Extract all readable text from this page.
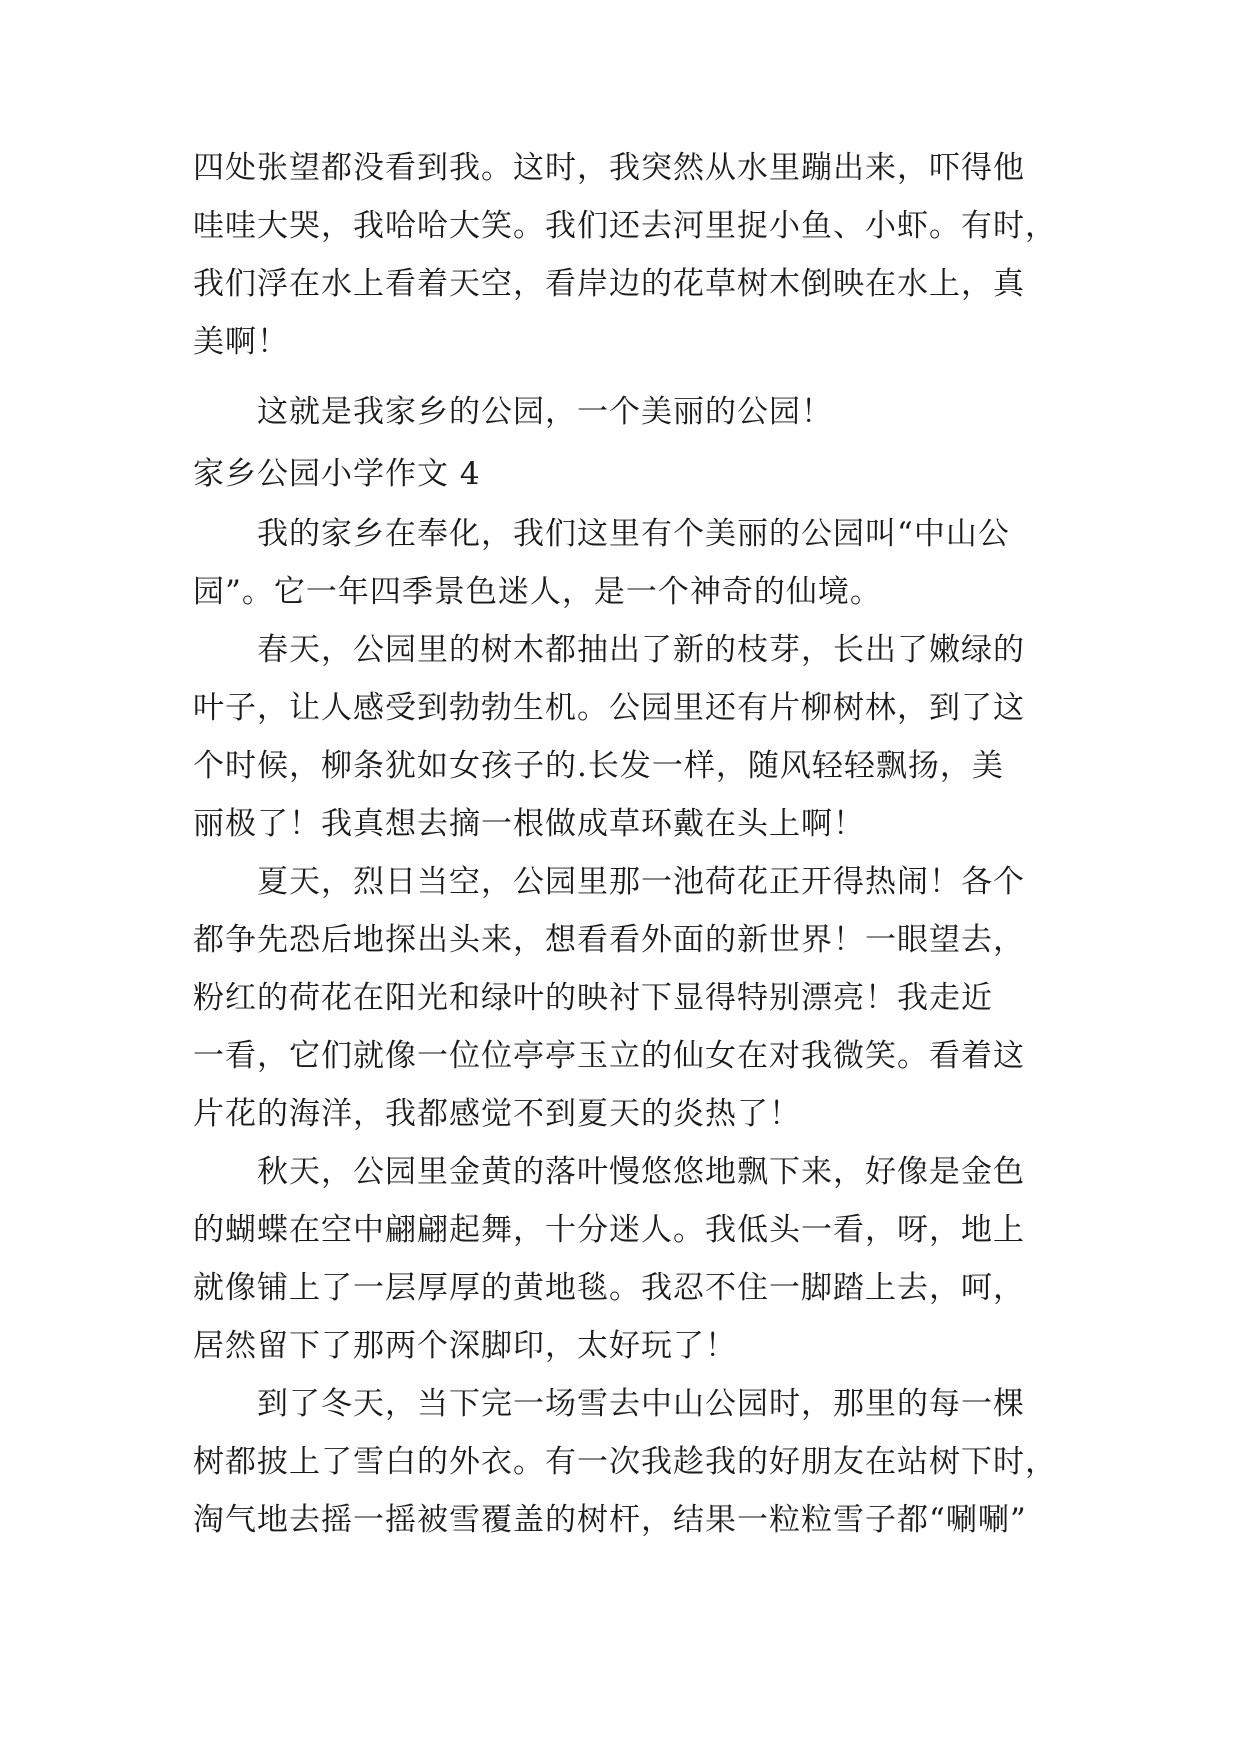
四处张望都没看到我。这时，我突然从水里蹦出来，吓得他
哇哇大哭，我哈哈大笑。我们还去河里捉小鱼、小虾。有时，
我们浮在水上看着天空，看岸边的花草树木倒映在水上，真
美啊！
这就是我家乡的公园，一个美丽的公园！
家乡公园小学作文 4
我的家乡在奉化，我们这里有个美丽的公园叫“中山公
园”。它一年四季景色迷人，是一个神奇的仙境。
春天，公园里的树木都抽出了新的枝芽，长出了嫩绿的
叶子，让人感受到勃勃生机。公园里还有片柳树林，到了这
个时候，柳条犹如女孩子的.长发一样，随风轻轻飘扬，美
丽极了！我真想去摘一根做成草环戴在头上啊！
夏天，烈日当空，公园里那一池荷花正开得热闹！各个
都争先恐后地探出头来，想看看外面的新世界！一眼望去，
粉红的荷花在阳光和绿叶的映衬下显得特别漂亮！我走近
一看，它们就像一位位亭亭玉立的仙女在对我微笑。看着这
片花的海洋，我都感觉不到夏天的炎热了！
秋天，公园里金黄的落叶慢悠悠地飘下来，好像是金色
的蝴蝶在空中翩翩起舞，十分迷人。我低头一看，呀，地上
就像铺上了一层厚厚的黄地毯。我忍不住一脚踏上去，呵，
居然留下了那两个深脚印，太好玩了！
到了冬天，当下完一场雪去中山公园时，那里的每一棵
树都披上了雪白的外衣。有一次我趁我的好朋友在站树下时，
淘气地去摇一摇被雪覆盖的树杆，结果一粒粒雪子都“唰唰”
